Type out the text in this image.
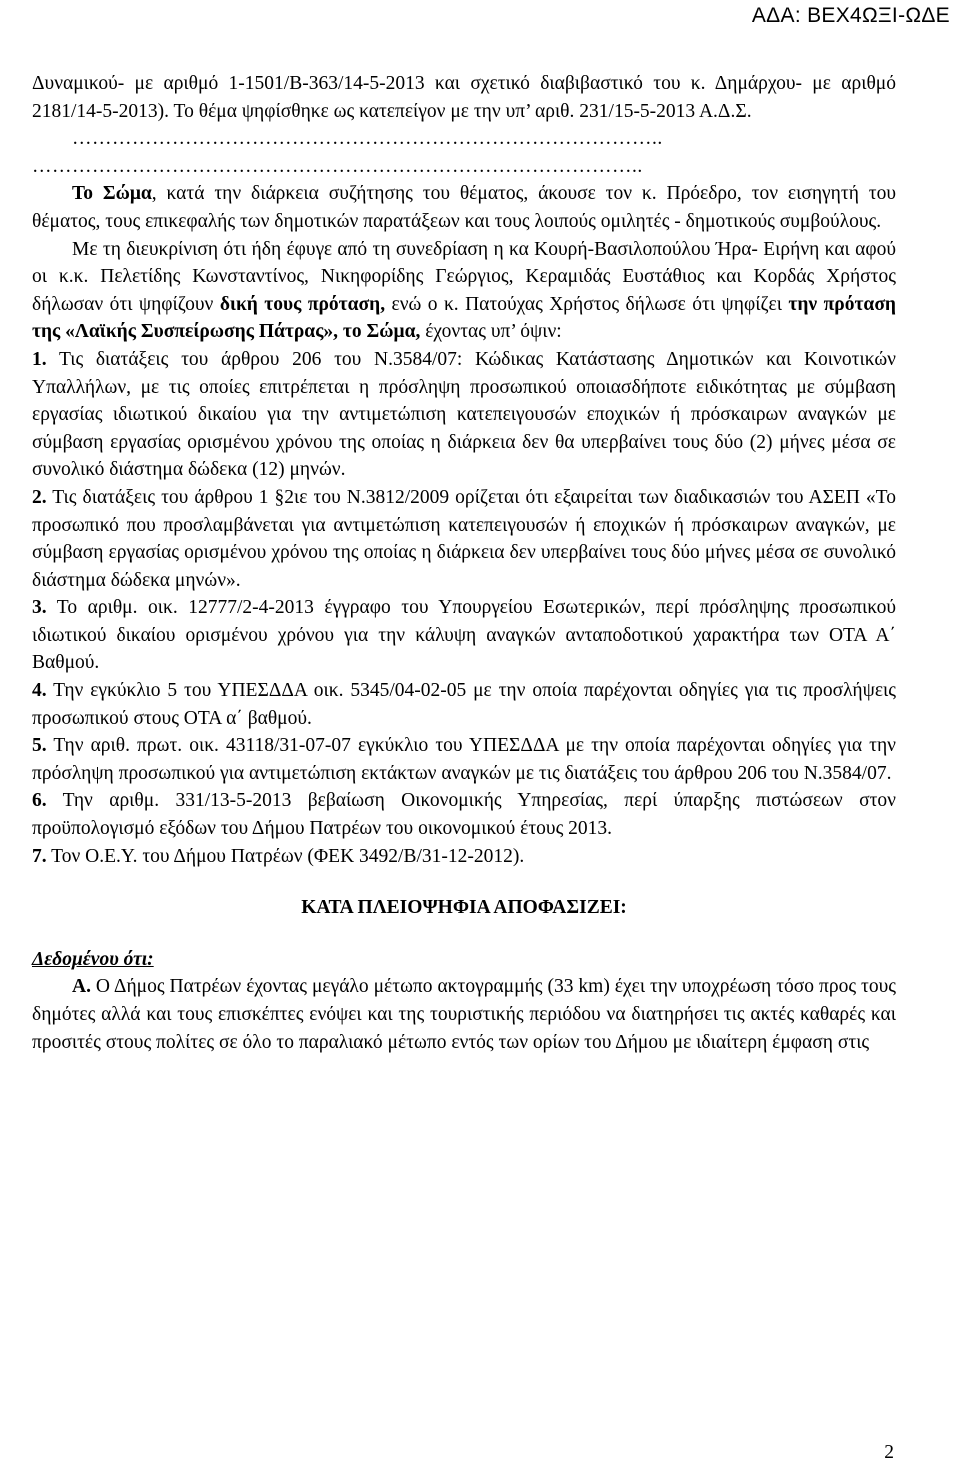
ΑΔΑ: ΒΕΧ4ΩΞΙ-ΩΔΕ

Δυναμικού- με αριθμό 1-1501/Β-363/14-5-2013 και σχετικό διαβιβαστικό του κ. Δημάρχου- με αριθμό 2181/14-5-2013). Το θέμα ψηφίσθηκε ως κατεπείγον με την υπ’ αριθ. 231/15-5-2013 Α.Δ.Σ.

……………………………………………………………………………..

………………………………………………………………………………..

Το Σώμα, κατά την διάρκεια συζήτησης του θέματος, άκουσε τον κ. Πρόεδρο, τον εισηγητή του θέματος, τους επικεφαλής των δημοτικών παρατάξεων και τους λοιπούς ομιλητές - δημοτικούς συμβούλους.

Με τη διευκρίνιση ότι ήδη έφυγε από τη συνεδρίαση η κα Κουρή-Βασιλοπούλου Ήρα- Ειρήνη και αφού οι κ.κ. Πελετίδης Κωνσταντίνος, Νικηφορίδης Γεώργιος, Κεραμιδάς Ευστάθιος και Κορδάς Χρήστος δήλωσαν ότι ψηφίζουν δική τους πρόταση, ενώ ο κ. Πατούχας Χρήστος δήλωσε ότι ψηφίζει την πρόταση της «Λαϊκής Συσπείρωσης Πάτρας», το Σώμα, έχοντας υπ’ όψιν:

1. Τις διατάξεις του άρθρου 206 του Ν.3584/07: Κώδικας Κατάστασης Δημοτικών και Κοινοτικών Υπαλλήλων, με τις οποίες επιτρέπεται η πρόσληψη προσωπικού οποιασδήποτε ειδικότητας με σύμβαση εργασίας ιδιωτικού δικαίου για την αντιμετώπιση κατεπειγουσών εποχικών ή πρόσκαιρων αναγκών με σύμβαση εργασίας ορισμένου χρόνου της οποίας η διάρκεια δεν θα υπερβαίνει τους δύο (2) μήνες μέσα σε συνολικό διάστημα δώδεκα (12) μηνών.

2. Τις διατάξεις του άρθρου 1 §2ιε του Ν.3812/2009 ορίζεται ότι εξαιρείται των διαδικασιών του ΑΣΕΠ «Το προσωπικό που προσλαμβάνεται για αντιμετώπιση κατεπειγουσών ή εποχικών ή πρόσκαιρων αναγκών, με σύμβαση εργασίας ορισμένου χρόνου της οποίας η διάρκεια δεν υπερβαίνει τους δύο μήνες μέσα σε συνολικό διάστημα δώδεκα μηνών».

3. Το αριθμ. οικ. 12777/2-4-2013 έγγραφο του Υπουργείου Εσωτερικών, περί πρόσληψης προσωπικού ιδιωτικού δικαίου ορισμένου χρόνου για την κάλυψη αναγκών ανταποδοτικού χαρακτήρα των ΟΤΑ Α΄ Βαθμού.

4. Την εγκύκλιο 5 του ΥΠΕΣΔΔΑ οικ. 5345/04-02-05 με την οποία παρέχονται οδηγίες για τις προσλήψεις προσωπικού στους ΟΤΑ α΄ βαθμού.

5. Την αριθ. πρωτ. οικ. 43118/31-07-07 εγκύκλιο του ΥΠΕΣΔΔΑ με την οποία παρέχονται οδηγίες για την πρόσληψη προσωπικού για αντιμετώπιση εκτάκτων αναγκών με τις διατάξεις του άρθρου 206 του Ν.3584/07.

6. Την αριθμ. 331/13-5-2013 βεβαίωση Οικονομικής Υπηρεσίας, περί ύπαρξης πιστώσεων στον προϋπολογισμό εξόδων του Δήμου Πατρέων του οικονομικού έτους 2013.

7. Τον Ο.Ε.Υ. του Δήμου Πατρέων (ΦΕΚ 3492/Β/31-12-2012).

ΚΑΤΑ ΠΛΕΙΟΨΗΦΙΑ ΑΠΟΦΑΣΙΖΕΙ:

Δεδομένου ότι:

Α. Ο Δήμος Πατρέων έχοντας μεγάλο μέτωπο ακτογραμμής (33 km) έχει την υποχρέωση τόσο προς τους δημότες αλλά και τους επισκέπτες ενόψει και της τουριστικής περιόδου να διατηρήσει τις ακτές καθαρές και προσιτές στους πολίτες σε όλο το παραλιακό μέτωπο εντός των ορίων του Δήμου με ιδιαίτερη έμφαση στις

2
